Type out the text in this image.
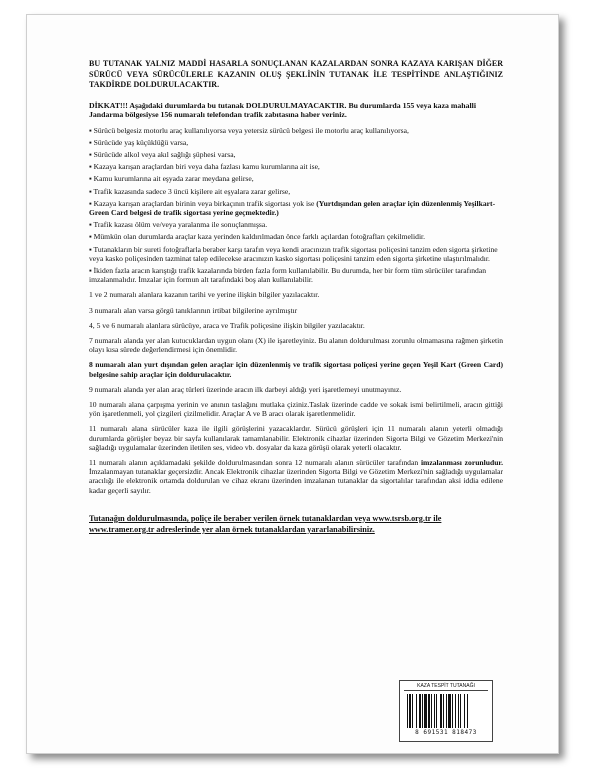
BU TUTANAK YALNIZ MADDİ HASARLA SONUÇLANAN KAZALARDAN SONRA KAZAYA KARIŞAN DİĞER SÜRÜCÜ VEYA SÜRÜCÜLERLE KAZANIN OLUŞ ŞEKLİNİN TUTANAK İLE TESPİTİNDE ANLAŞTIĞINIZ TAKDİRDE DOLDURULACAKTIR.

DİKKAT!!! Aşağıdaki durumlarda bu tutanak DOLDURULMAYACAKTIR. Bu durumlarda 155 veya kaza mahalli Jandarma bölgesiyse 156 numaralı telefondan trafik zabıtasına haber veriniz.

▪ Sürücü belgesiz motorlu araç kullanılıyorsa veya yetersiz sürücü belgesi ile motorlu araç kullanılıyorsa,
▪ Sürücüde yaş küçüklüğü varsa,
▪ Sürücüde alkol veya akıl sağlığı şüphesi varsa,
▪ Kazaya karışan araçlardan biri veya daha fazlası kamu kurumlarına ait ise,
▪ Kamu kurumlarına ait eşyada zarar meydana gelirse,
▪ Trafik kazasında sadece 3 üncü kişilere ait eşyalara zarar gelirse,
▪ Kazaya karışan araçlardan birinin veya birkaçının trafik sigortası yok ise (Yurtdışından gelen araçlar için düzenlenmiş Yeşilkart-Green Card belgesi de trafik sigortası yerine geçmektedir.)
▪ Trafik kazası ölüm ve/veya yaralanma ile sonuçlanmışsa.
▪ Mümkün olan durumlarda araçlar kaza yerinden kaldırılmadan önce farklı açılardan fotoğrafları çekilmelidir.
▪ Tutanakların bir sureti fotoğraflarla beraber karşı tarafın veya kendi aracınızın trafik sigortası poliçesini tanzim eden sigorta şirketine veya kasko poliçesinden tazminat talep edilecekse aracınızın kasko sigortası poliçesini tanzim eden sigorta şirketine ulaştırılmalıdır.
▪ İkiden fazla aracın karıştığı trafik kazalarında birden fazla form kullanılabilir. Bu durumda, her bir form tüm sürücüler tarafından imzalanmalıdır. İmzalar için formun alt tarafındaki boş alan kullanılabilir.

1 ve 2 numaralı alanlara kazanın tarihi ve yerine ilişkin bilgiler yazılacaktır.

3 numaralı alan varsa görgü tanıklarının irtibat bilgilerine ayrılmıştır

4, 5 ve 6 numaralı alanlara sürücüye, araca ve Trafik poliçesine ilişkin bilgiler yazılacaktır.

7 numaralı alanda yer alan kutucuklardan uygun olanı (X) ile işaretleyiniz. Bu alanın doldurulması zorunlu olmamasına rağmen şirketin olayı kısa sürede değerlendirmesi için önemlidir.

8 numaralı alan yurt dışından gelen araçlar için düzenlenmiş ve trafik sigortası poliçesi yerine geçen Yeşil Kart (Green Card) belgesine sahip araçlar için doldurulacaktır.

9 numaralı alanda yer alan araç türleri üzerinde aracın ilk darbeyi aldığı yeri işaretlemeyi unutmayınız.

10 numaralı alana çarpışma yerinin ve anının taslağını mutlaka çiziniz.Taslak üzerinde cadde ve sokak ismi belirtilmeli, aracın gittiği yön işaretlenmeli, yol çizgileri çizilmelidir. Araçlar A ve B aracı olarak işaretlenmelidir.

11 numaralı alana sürücüler kaza ile ilgili görüşlerini yazacaklardır. Sürücü görüşleri için 11 numaralı alanın yeterli olmadığı durumlarda görüşler beyaz bir sayfa kullanılarak tamamlanabilir. Elektronik cihazlar üzerinden Sigorta Bilgi ve Gözetim Merkezi'nin sağladığı uygulamalar üzerinden iletilen ses, video vb. dosyalar da kaza görüşü olarak yeterli olacaktır.

11 numaralı alanın açıklamadaki şekilde doldurulmasından sonra 12 numaralı alanın sürücüler tarafından imzalanması zorunludur. İmzalanmayan tutanaklar geçersizdir. Ancak Elektronik cihazlar üzerinden Sigorta Bilgi ve Gözetim Merkezi'nin sağladığı uygulamalar aracılığı ile elektronik ortamda doldurulan ve cihaz ekranı üzerinden imzalanan tutanaklar da sigortalılar tarafından aksi iddia edilene kadar geçerli sayılır.

Tutanağın doldurulmasında, poliçe ile beraber verilen örnek tutanaklardan veya www.tsrsb.org.tr ile www.tramer.org.tr adreslerinde yer alan örnek tutanaklardan yararlanabilirsiniz.

KAZA TESPİT TUTANAĞI
8 691531 818473
